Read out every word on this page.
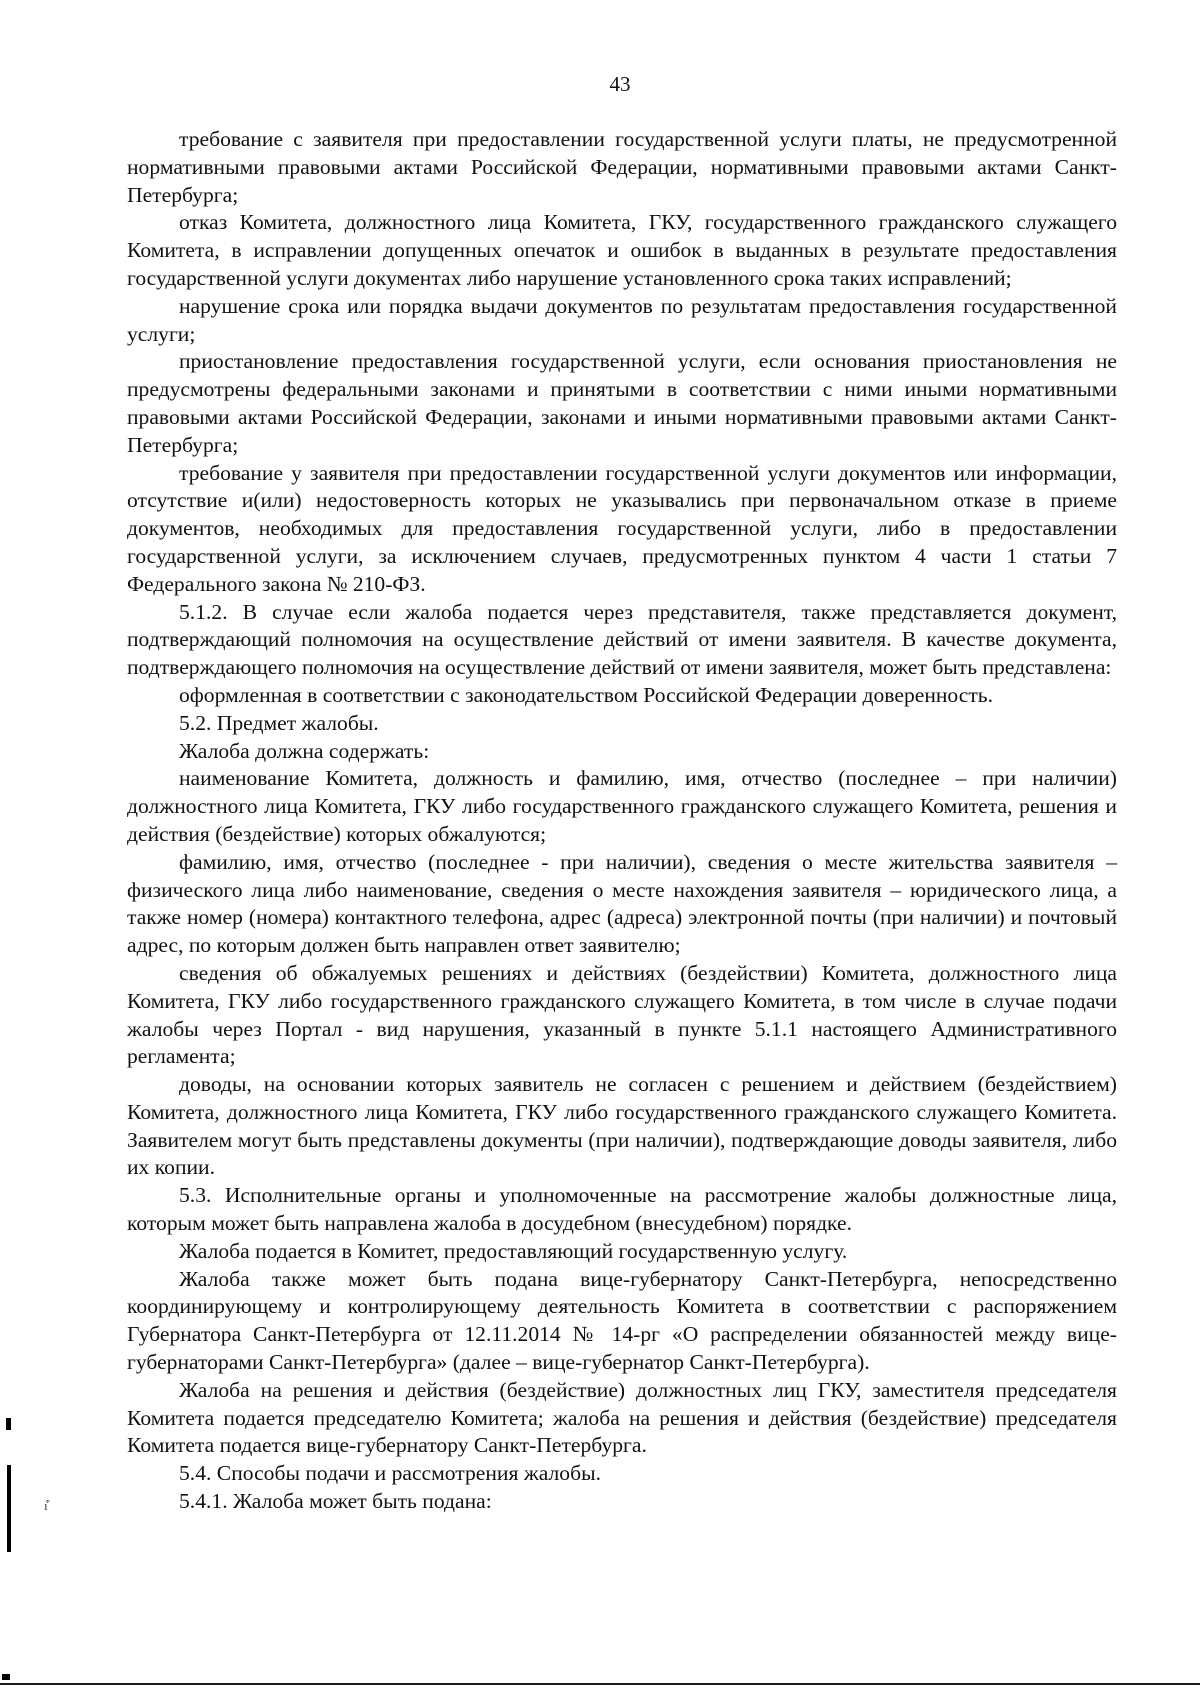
43

требование с заявителя при предоставлении государственной услуги платы, не предусмотренной нормативными правовыми актами Российской Федерации, нормативными правовыми актами Санкт-Петербурга;

отказ Комитета, должностного лица Комитета, ГКУ, государственного гражданского служащего Комитета, в исправлении допущенных опечаток и ошибок в выданных в результате предоставления государственной услуги документах либо нарушение установленного срока таких исправлений;

нарушение срока или порядка выдачи документов по результатам предоставления государственной услуги;

приостановление предоставления государственной услуги, если основания приостановления не предусмотрены федеральными законами и принятыми в соответствии с ними иными нормативными правовыми актами Российской Федерации, законами и иными нормативными правовыми актами Санкт-Петербурга;

требование у заявителя при предоставлении государственной услуги документов или информации, отсутствие и(или) недостоверность которых не указывались при первоначальном отказе в приеме документов, необходимых для предоставления государственной услуги, либо в предоставлении государственной услуги, за исключением случаев, предусмотренных пунктом 4 части 1 статьи 7 Федерального закона № 210-ФЗ.

5.1.2. В случае если жалоба подается через представителя, также представляется документ, подтверждающий полномочия на осуществление действий от имени заявителя. В качестве документа, подтверждающего полномочия на осуществление действий от имени заявителя, может быть представлена:

оформленная в соответствии с законодательством Российской Федерации доверенность.

5.2. Предмет жалобы.

Жалоба должна содержать:

наименование Комитета, должность и фамилию, имя, отчество (последнее – при наличии) должностного лица Комитета, ГКУ либо государственного гражданского служащего Комитета, решения и действия (бездействие) которых обжалуются;

фамилию, имя, отчество (последнее - при наличии), сведения о месте жительства заявителя – физического лица либо наименование, сведения о месте нахождения заявителя – юридического лица, а также номер (номера) контактного телефона, адрес (адреса) электронной почты (при наличии) и почтовый адрес, по которым должен быть направлен ответ заявителю;

сведения об обжалуемых решениях и действиях (бездействии) Комитета, должностного лица Комитета, ГКУ либо государственного гражданского служащего Комитета, в том числе в случае подачи жалобы через Портал - вид нарушения, указанный в пункте 5.1.1 настоящего Административного регламента;

доводы, на основании которых заявитель не согласен с решением и действием (бездействием) Комитета, должностного лица Комитета, ГКУ либо государственного гражданского служащего Комитета. Заявителем могут быть представлены документы (при наличии), подтверждающие доводы заявителя, либо их копии.

5.3. Исполнительные органы и уполномоченные на рассмотрение жалобы должностные лица, которым может быть направлена жалоба в досудебном (внесудебном) порядке.

Жалоба подается в Комитет, предоставляющий государственную услугу.

Жалоба также может быть подана вице-губернатору Санкт-Петербурга, непосредственно координирующему и контролирующему деятельность Комитета в соответствии с распоряжением Губернатора Санкт-Петербурга от 12.11.2014 № 14-рг «О распределении обязанностей между вице-губернаторами Санкт-Петербурга» (далее – вице-губернатор Санкт-Петербурга).

Жалоба на решения и действия (бездействие) должностных лиц ГКУ, заместителя председателя Комитета подается председателю Комитета; жалоба на решения и действия (бездействие) председателя Комитета подается вице-губернатору Санкт-Петербурга.

5.4. Способы подачи и рассмотрения жалобы.

5.4.1. Жалоба может быть подана:

ı͒
